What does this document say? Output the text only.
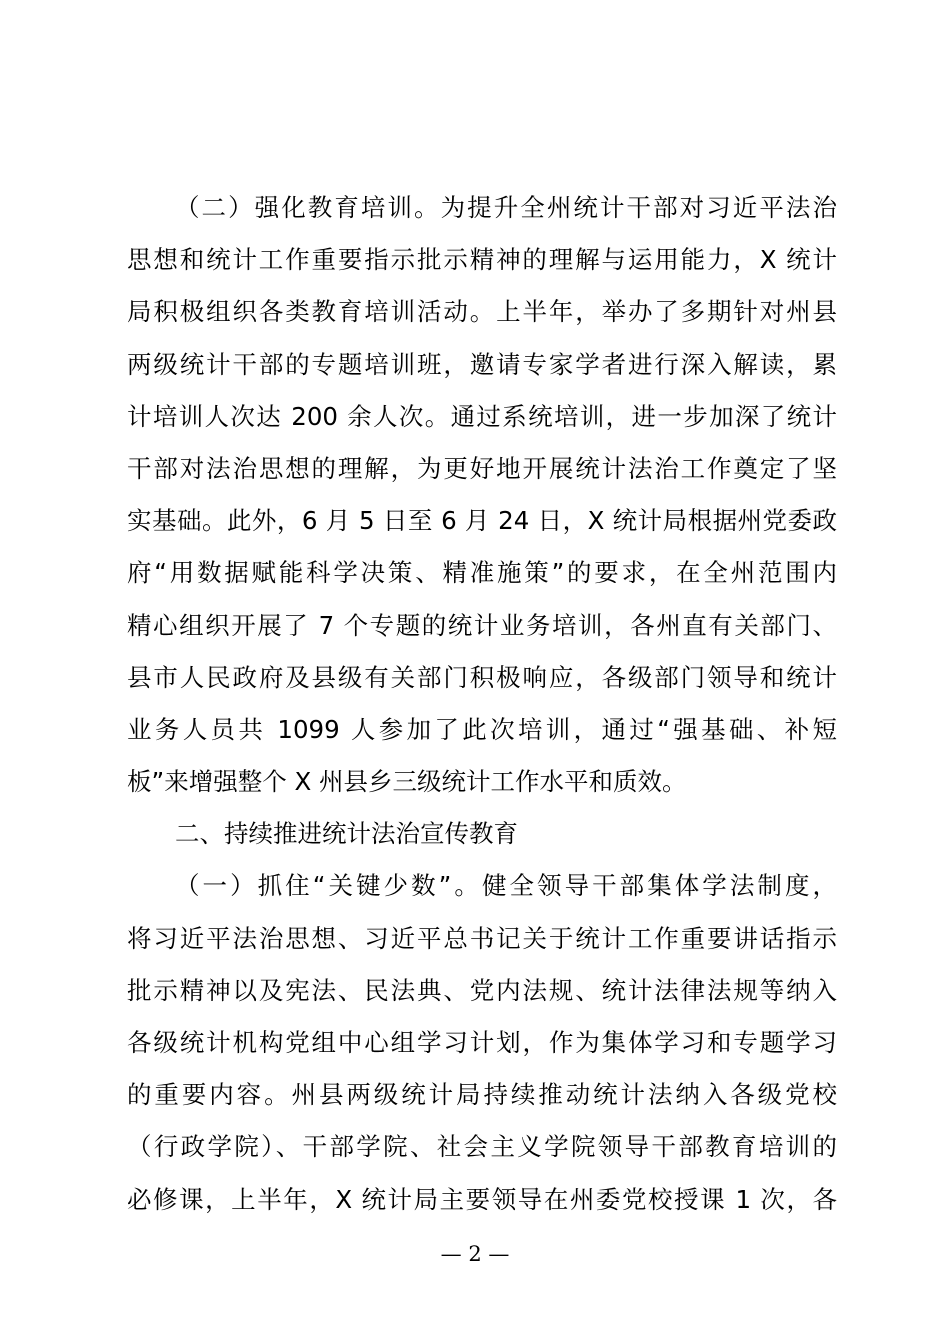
（二）强化教育培训。为提升全州统计干部对习近平法治
思想和统计工作重要指示批示精神的理解与运用能力，X 统计
局积极组织各类教育培训活动。上半年，举办了多期针对州县
两级统计干部的专题培训班，邀请专家学者进行深入解读，累
计培训人次达 200 余人次。通过系统培训，进一步加深了统计
干部对法治思想的理解，为更好地开展统计法治工作奠定了坚
实基础。此外，6 月 5 日至 6 月 24 日，X 统计局根据州党委政
府“用数据赋能科学决策、精准施策”的要求，在全州范围内
精心组织开展了 7 个专题的统计业务培训，各州直有关部门、
县市人民政府及县级有关部门积极响应，各级部门领导和统计
业务人员共 1099 人参加了此次培训，通过“强基础、补短
板”来增强整个 X 州县乡三级统计工作水平和质效。
二、持续推进统计法治宣传教育
（一）抓住“关键少数”。健全领导干部集体学法制度，
将习近平法治思想、习近平总书记关于统计工作重要讲话指示
批示精神以及宪法、民法典、党内法规、统计法律法规等纳入
各级统计机构党组中心组学习计划，作为集体学习和专题学习
的重要内容。州县两级统计局持续推动统计法纳入各级党校
（行政学院）、干部学院、社会主义学院领导干部教育培训的
必修课，上半年，X 统计局主要领导在州委党校授课 1 次，各
— 2 —
